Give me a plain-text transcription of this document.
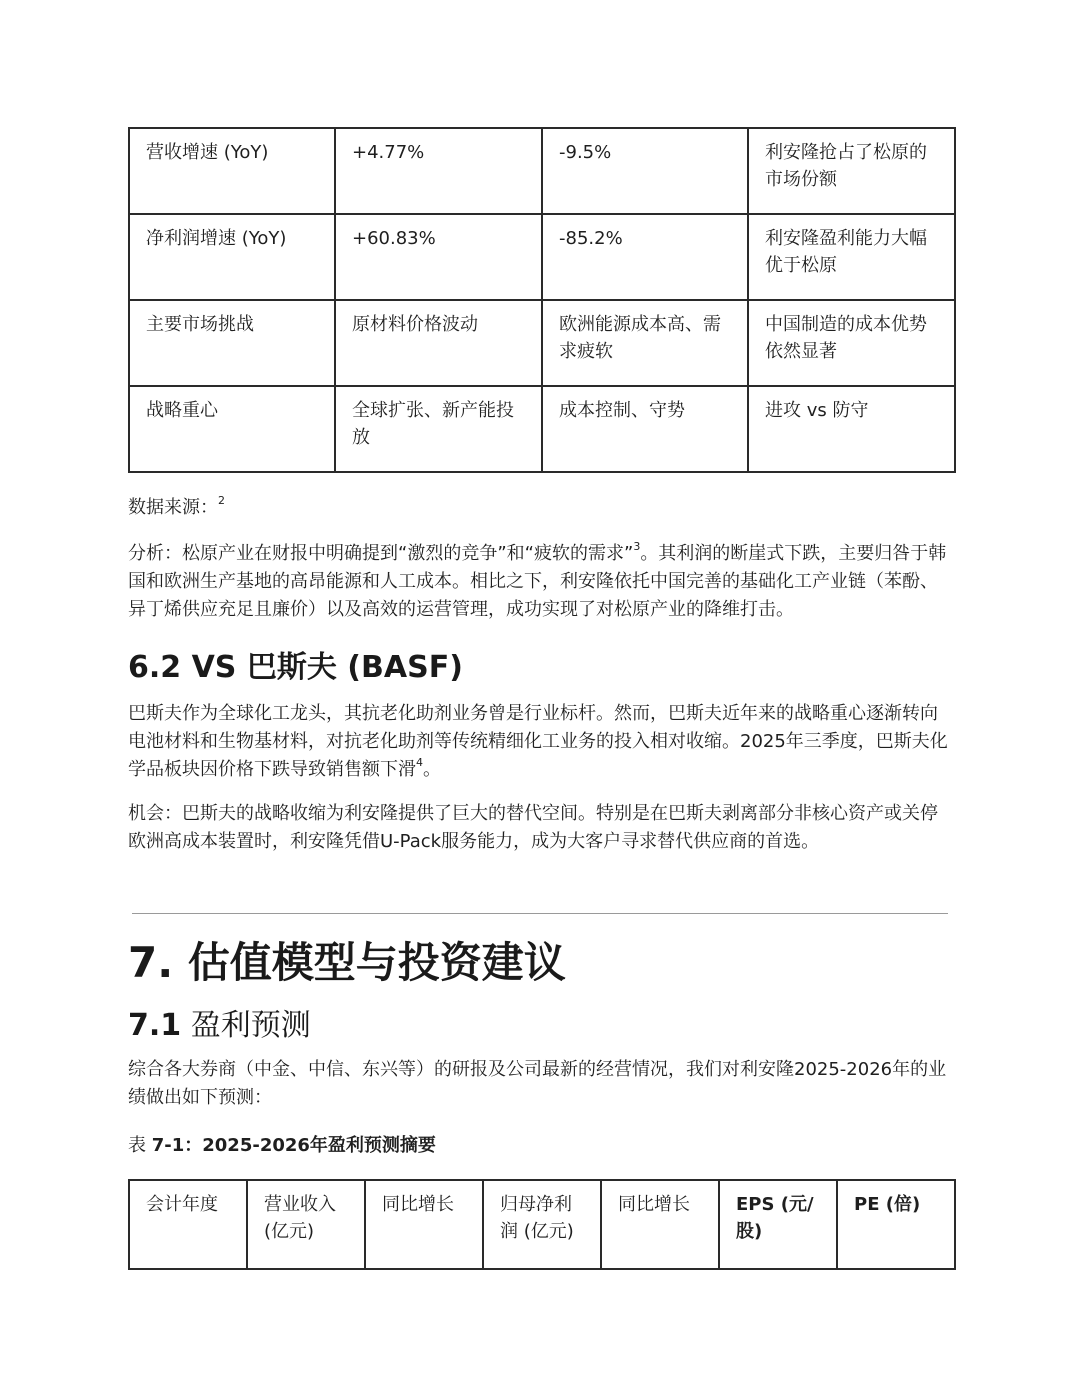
营收增速 (YoY)	+4.77%	-9.5%	利安隆抢占了松原的市场份额
净利润增速 (YoY)	+60.83%	-85.2%	利安隆盈利能力大幅优于松原
主要市场挑战	原材料价格波动	欧洲能源成本高、需求疲软	中国制造的成本优势依然显著
战略重心	全球扩张、新产能投放	成本控制、守势	进攻 vs 防守

数据来源：$^2$

分析：松原产业在财报中明确提到“激烈的竞争”和“疲软的需求”$^3$。其利润的断崖式下跌，主要归咎于韩国和欧洲生产基地的高昂能源和人工成本。相比之下，利安隆依托中国完善的基础化工产业链（苯酚、异丁烯供应充足且廉价）以及高效的运营管理，成功实现了对松原产业的降维打击。

6.2 VS 巴斯夫 (BASF)

巴斯夫作为全球化工龙头，其抗老化助剂业务曾是行业标杆。然而，巴斯夫近年来的战略重心逐渐转向电池材料和生物基材料，对抗老化助剂等传统精细化工业务的投入相对收缩。2025年三季度，巴斯夫化学品板块因价格下跌导致销售额下滑$^4$。

机会：巴斯夫的战略收缩为利安隆提供了巨大的替代空间。特别是在巴斯夫剥离部分非核心资产或关停欧洲高成本装置时，利安隆凭借U-Pack服务能力，成为大客户寻求替代供应商的首选。

7. 估值模型与投资建议
7.1 盈利预测

综合各大券商（中金、中信、东兴等）的研报及公司最新的经营情况，我们对利安隆2025-2026年的业绩做出如下预测：

表 7-1：2025-2026年盈利预测摘要
会计年度	营业收入 (亿元)	同比增长	归母净利润 (亿元)	同比增长	EPS (元/股)	PE (倍)
